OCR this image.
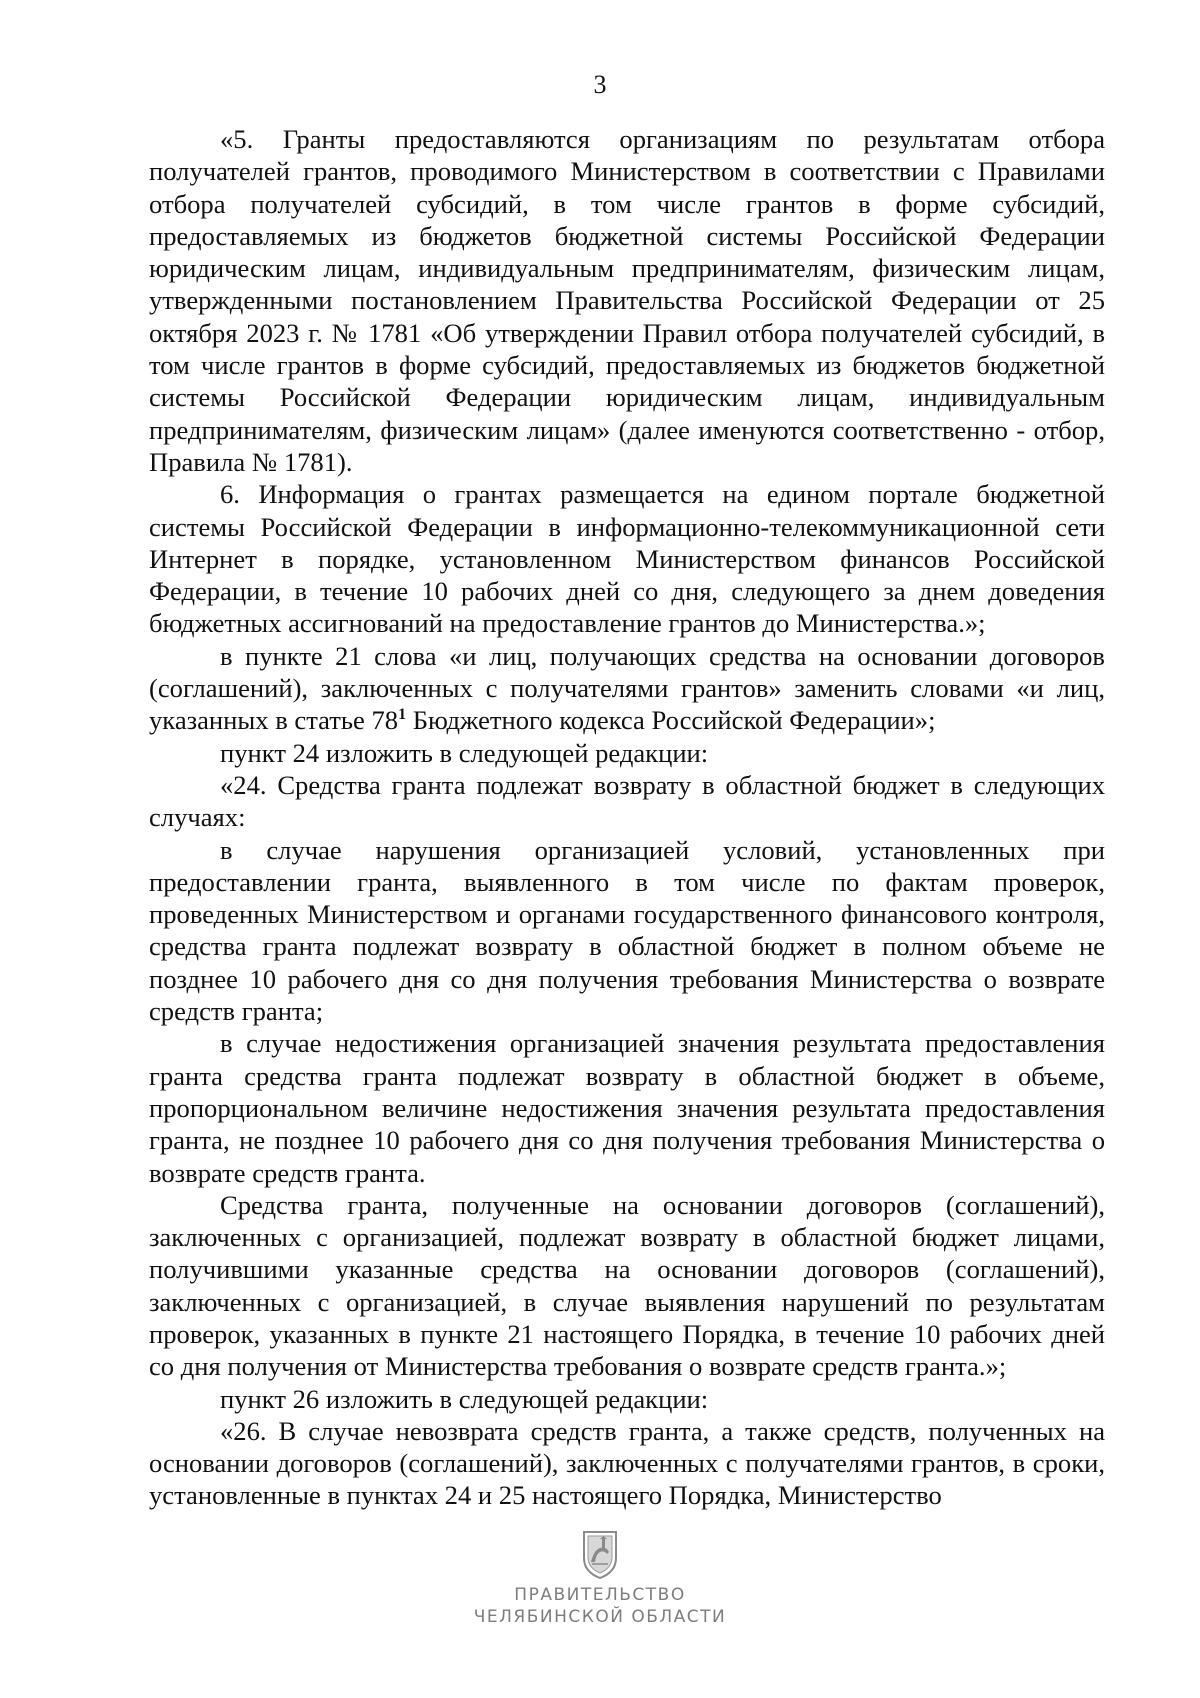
3

«5. Гранты предоставляются организациям по результатам отбора получателей грантов, проводимого Министерством в соответствии с Правилами отбора получателей субсидий, в том числе грантов в форме субсидий, предоставляемых из бюджетов бюджетной системы Российской Федерации юридическим лицам, индивидуальным предпринимателям, физическим лицам, утвержденными постановлением Правительства Российской Федерации от 25 октября 2023 г. № 1781 «Об утверждении Правил отбора получателей субсидий, в том числе грантов в форме субсидий, предоставляемых из бюджетов бюджетной системы Российской Федерации юридическим лицам, индивидуальным предпринимателям, физическим лицам» (далее именуются соответственно - отбор, Правила № 1781).

6. Информация о грантах размещается на едином портале бюджетной системы Российской Федерации в информационно-телекоммуникационной сети Интернет в порядке, установленном Министерством финансов Российской Федерации, в течение 10 рабочих дней со дня, следующего за днем доведения бюджетных ассигнований на предоставление грантов до Министерства.»;

в пункте 21 слова «и лиц, получающих средства на основании договоров (соглашений), заключенных с получателями грантов» заменить словами «и лиц, указанных в статье $78^1$ Бюджетного кодекса Российской Федерации»;

пункт 24 изложить в следующей редакции:

«24. Средства гранта подлежат возврату в областной бюджет в следующих случаях:

в случае нарушения организацией условий, установленных при предоставлении гранта, выявленного в том числе по фактам проверок, проведенных Министерством и органами государственного финансового контроля, средства гранта подлежат возврату в областной бюджет в полном объеме не позднее 10 рабочего дня со дня получения требования Министерства о возврате средств гранта;

в случае недостижения организацией значения результата предоставления гранта средства гранта подлежат возврату в областной бюджет в объеме, пропорциональном величине недостижения значения результата предоставления гранта, не позднее 10 рабочего дня со дня получения требования Министерства о возврате средств гранта.

Средства гранта, полученные на основании договоров (соглашений), заключенных с организацией, подлежат возврату в областной бюджет лицами, получившими указанные средства на основании договоров (соглашений), заключенных с организацией, в случае выявления нарушений по результатам проверок, указанных в пункте 21 настоящего Порядка, в течение 10 рабочих дней со дня получения от Министерства требования о возврате средств гранта.»;

пункт 26 изложить в следующей редакции:

«26. В случае невозврата средств гранта, а также средств, полученных на основании договоров (соглашений), заключенных с получателями грантов, в сроки, установленные в пунктах 24 и 25 настоящего Порядка, Министерство

ПРАВИТЕЛЬСТВО
ЧЕЛЯБИНСКОЙ ОБЛАСТИ
